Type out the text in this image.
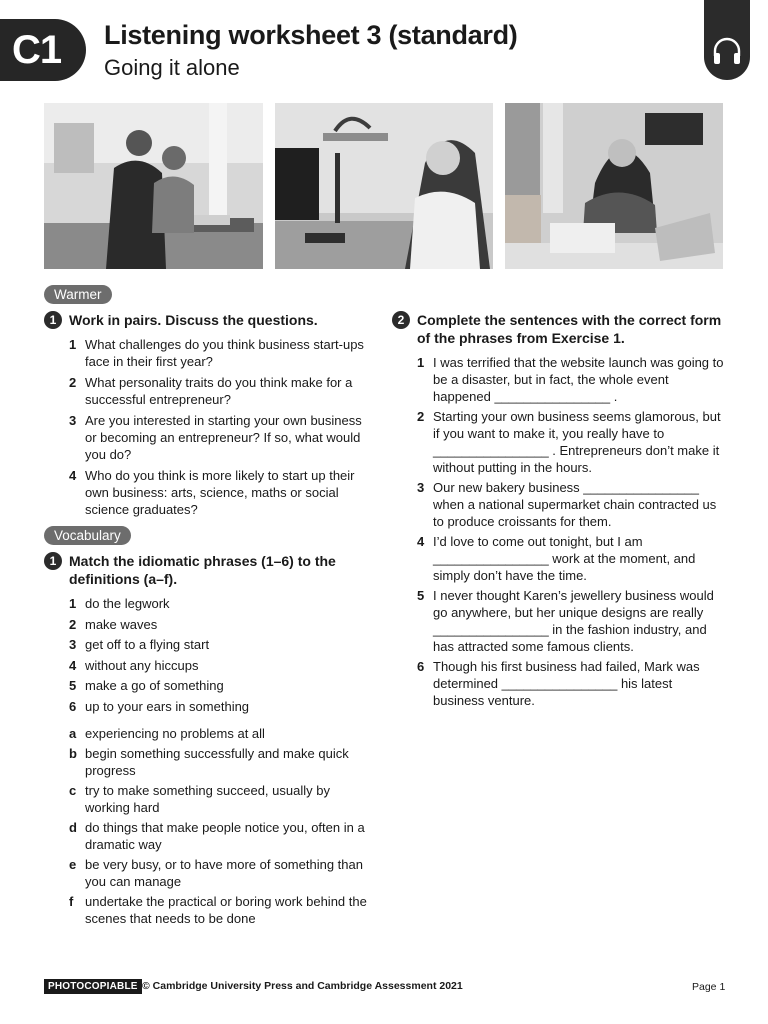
C1	Listening worksheet 3 (standard)
Going it alone
Warmer
1 Work in pairs. Discuss the questions.
1 What challenges do you think business start-ups face in their first year?
2 What personality traits do you think make for a successful entrepreneur?
3 Are you interested in starting your own business or becoming an entrepreneur? If so, what would you do?
4 Who do you think is more likely to start up their own business: arts, science, maths or social science graduates?
Vocabulary
1 Match the idiomatic phrases (1–6) to the definitions (a–f).
1 do the legwork
2 make waves
3 get off to a flying start
4 without any hiccups
5 make a go of something
6 up to your ears in something
a experiencing no problems at all
b begin something successfully and make quick progress
c try to make something succeed, usually by working hard
d do things that make people notice you, often in a dramatic way
e be very busy, or to have more of something than you can manage
f undertake the practical or boring work behind the scenes that needs to be done
2 Complete the sentences with the correct form of the phrases from Exercise 1.
1 I was terrified that the website launch was going to be a disaster, but in fact, the whole event happened ________________ .
2 Starting your own business seems glamorous, but if you want to make it, you really have to ________________ . Entrepreneurs don’t make it without putting in the hours.
3 Our new bakery business ________________ when a national supermarket chain contracted us to produce croissants for them.
4 I’d love to come out tonight, but I am ________________ work at the moment, and simply don’t have the time.
5 I never thought Karen’s jewellery business would go anywhere, but her unique designs are really ________________ in the fashion industry, and has attracted some famous clients.
6 Though his first business had failed, Mark was determined ________________ his latest business venture.
PHOTOCOPIABLE © Cambridge University Press and Cambridge Assessment 2021	Page 1
